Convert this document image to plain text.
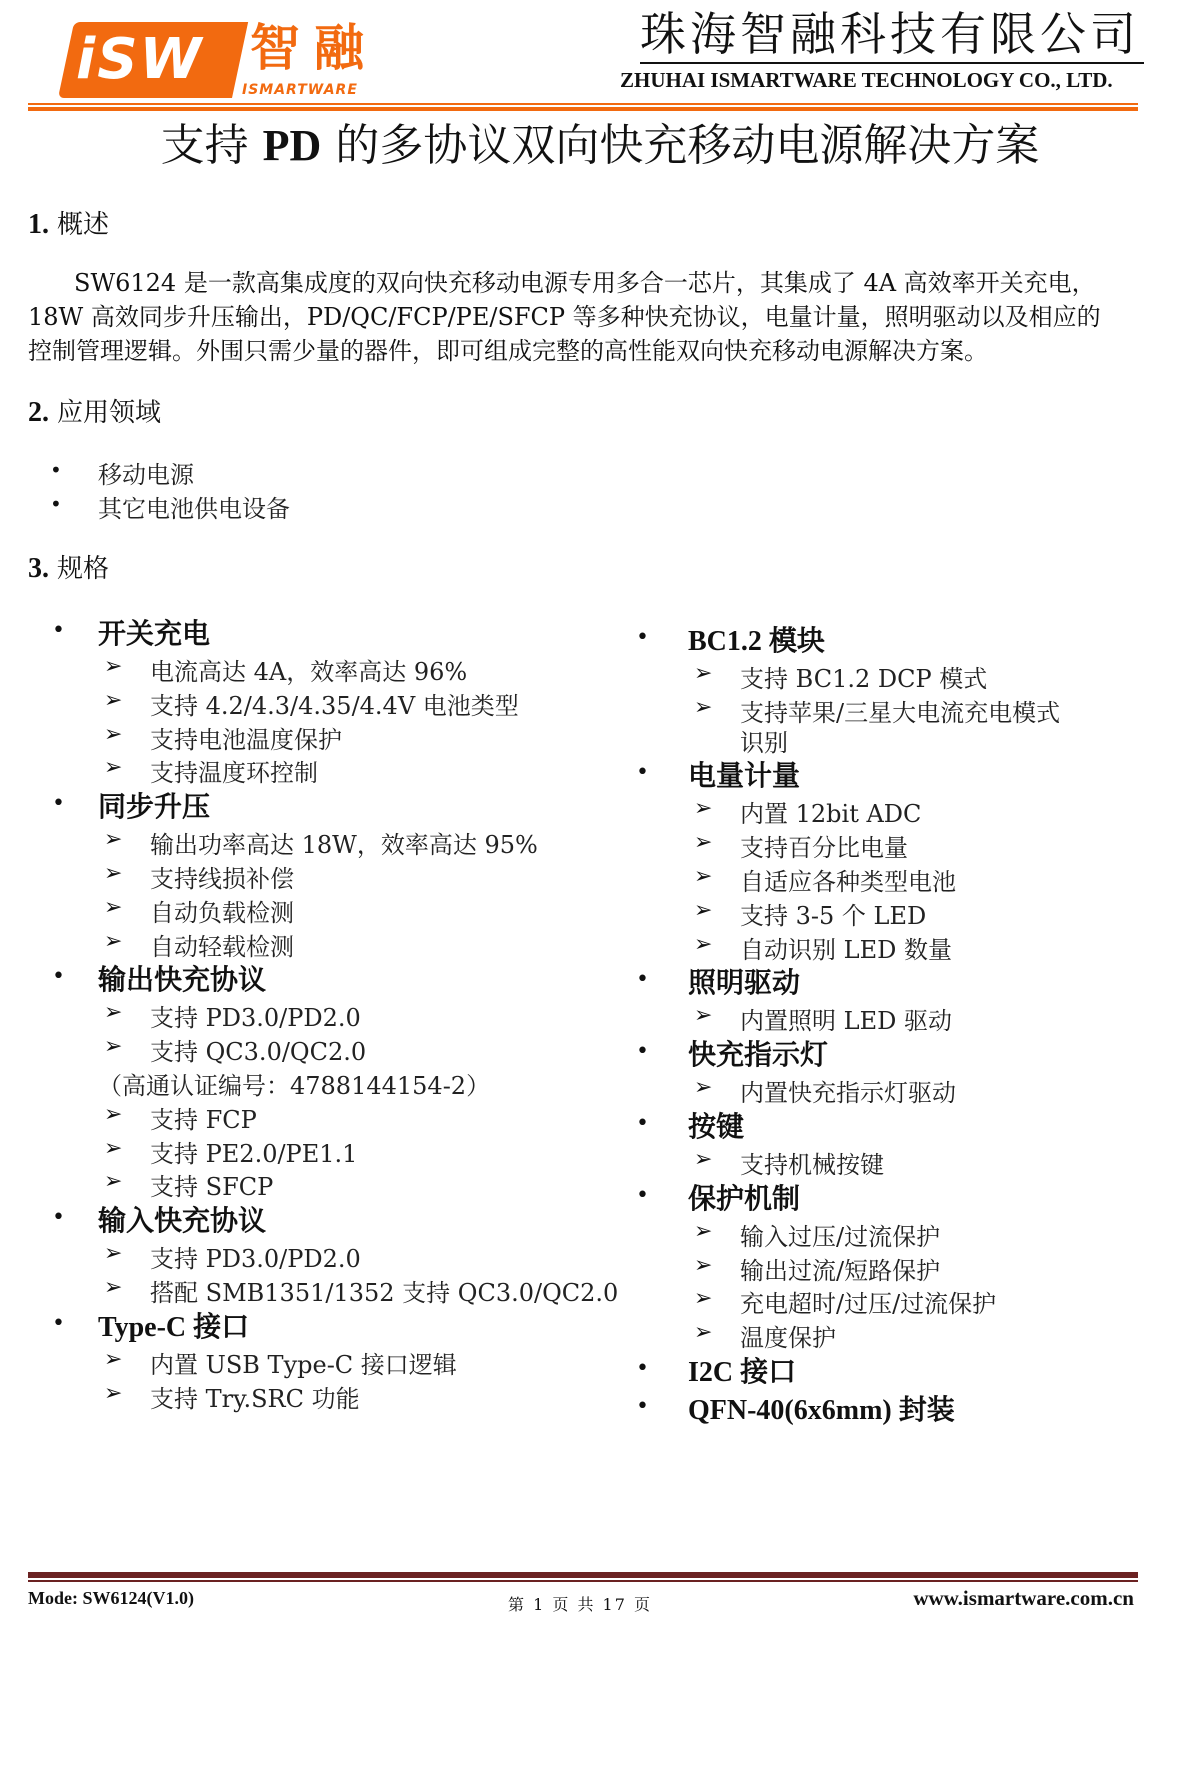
iSW 智融
ISMARTWARE
珠海智融科技有限公司
ZHUHAI ISMARTWARE TECHNOLOGY CO., LTD.
支持 PD 的多协议双向快充移动电源解决方案
1. 概述
SW6124 是一款高集成度的双向快充移动电源专用多合一芯片，其集成了 4A 高效率开关充电，
18W 高效同步升压输出，PD/QC/FCP/PE/SFCP 等多种快充协议，电量计量，照明驱动以及相应的
控制管理逻辑。外围只需少量的器件，即可组成完整的高性能双向快充移动电源解决方案。
2. 应用领域
• 移动电源
• 其它电池供电设备
3. 规格
• 开关充电
➢ 电流高达 4A，效率高达 96%
➢ 支持 4.2/4.3/4.35/4.4V 电池类型
➢ 支持电池温度保护
➢ 支持温度环控制
• 同步升压
➢ 输出功率高达 18W，效率高达 95%
➢ 支持线损补偿
➢ 自动负载检测
➢ 自动轻载检测
• 输出快充协议
➢ 支持 PD3.0/PD2.0
➢ 支持 QC3.0/QC2.0
（高通认证编号：4788144154-2）
➢ 支持 FCP
➢ 支持 PE2.0/PE1.1
➢ 支持 SFCP
• 输入快充协议
➢ 支持 PD3.0/PD2.0
➢ 搭配 SMB1351/1352 支持 QC3.0/QC2.0
• Type-C 接口
➢ 内置 USB Type-C 接口逻辑
➢ 支持 Try.SRC 功能
• BC1.2 模块
➢ 支持 BC1.2 DCP 模式
➢ 支持苹果/三星大电流充电模式
识别
• 电量计量
➢ 内置 12bit ADC
➢ 支持百分比电量
➢ 自适应各种类型电池
➢ 支持 3-5 个 LED
➢ 自动识别 LED 数量
• 照明驱动
➢ 内置照明 LED 驱动
• 快充指示灯
➢ 内置快充指示灯驱动
• 按键
➢ 支持机械按键
• 保护机制
➢ 输入过压/过流保护
➢ 输出过流/短路保护
➢ 充电超时/过压/过流保护
➢ 温度保护
• I2C 接口
• QFN-40(6x6mm) 封装
Mode: SW6124(V1.0)	第 1 页 共 17 页	www.ismartware.com.cn
